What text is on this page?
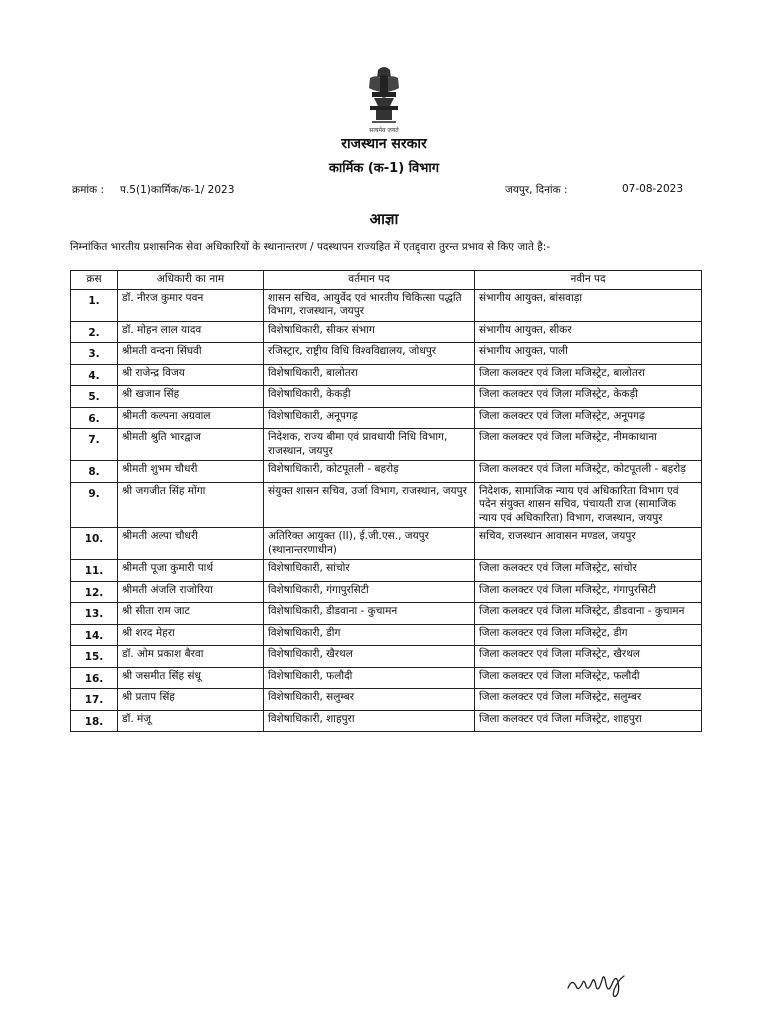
सत्यमेव जयते
राजस्थान सरकार
कार्मिक (क-1) विभाग
क्रमांक : प.5(1)कार्मिक/क-1/ 2023	जयपुर, दिनांक :	07-08-2023
आज्ञा
निम्नांकित भारतीय प्रशासनिक सेवा अधिकारियों के स्थानान्तरण / पदस्थापन राज्यहित में एतद्द्वारा तुरन्त प्रभाव से किए जाते है:-
क्रस	अधिकारी का नाम	वर्तमान पद	नवीन पद
1.	डॉ. नीरज कुमार पवन	शासन सचिव, आयुर्वेद एवं भारतीय चिकित्सा पद्धति विभाग, राजस्थान, जयपुर	संभागीय आयुक्त, बांसवाड़ा
2.	डॉ. मोहन लाल यादव	विशेषाधिकारी, सीकर संभाग	संभागीय आयुक्त, सीकर
3.	श्रीमती वन्दना सिंघवी	रजिस्ट्रार, राष्ट्रीय विधि विश्वविद्यालय, जोधपुर	संभागीय आयुक्त, पाली
4.	श्री राजेन्द्र विजय	विशेषाधिकारी, बालोतरा	जिला कलक्टर एवं जिला मजिस्ट्रेट, बालोतरा
5.	श्री खजान सिंह	विशेषाधिकारी, केकड़ी	जिला कलक्टर एवं जिला मजिस्ट्रेट, केकड़ी
6.	श्रीमती कल्पना अग्रवाल	विशेषाधिकारी, अनूपगढ़	जिला कलक्टर एवं जिला मजिस्ट्रेट, अनूपगढ़
7.	श्रीमती श्रुति भारद्वाज	निदेशक, राज्य बीमा एवं प्रावधायी निधि विभाग, राजस्थान, जयपुर	जिला कलक्टर एवं जिला मजिस्ट्रेट, नीमकाथाना
8.	श्रीमती शुभम चौधरी	विशेषाधिकारी, कोटपूतली - बहरोड़	जिला कलक्टर एवं जिला मजिस्ट्रेट, कोटपूतली - बहरोड़
9.	श्री जगजीत सिंह मोंगा	संयुक्त शासन सचिव, उर्जा विभाग, राजस्थान, जयपुर	निदेशक, सामाजिक न्याय एवं अधिकारिता विभाग एवं पदेन संयुक्त शासन सचिव, पंचायती राज (सामाजिक न्याय एवं अधिकारिता) विभाग, राजस्थान, जयपुर
10.	श्रीमती अल्पा चौधरी	अतिरिक्त आयुक्त (II), ई.जी.एस., जयपुर (स्थानान्तरणाधीन)	सचिव, राजस्थान आवासन मण्डल, जयपुर
11.	श्रीमती पूजा कुमारी पार्थ	विशेषाधिकारी, सांचोर	जिला कलक्टर एवं जिला मजिस्ट्रेट, सांचोर
12.	श्रीमती अंजलि राजोरिया	विशेषाधिकारी, गंगापुरसिटी	जिला कलक्टर एवं जिला मजिस्ट्रेट, गंगापुरसिटी
13.	श्री सीता राम जाट	विशेषाधिकारी, डीडवाना - कुचामन	जिला कलक्टर एवं जिला मजिस्ट्रेट, डीडवाना - कुचामन
14.	श्री शरद मेहरा	विशेषाधिकारी, डीग	जिला कलक्टर एवं जिला मजिस्ट्रेट, डीग
15.	डॉ. ओम प्रकाश बैरवा	विशेषाधिकारी, खैरथल	जिला कलक्टर एवं जिला मजिस्ट्रेट, खैरथल
16.	श्री जसमीत सिंह संधू	विशेषाधिकारी, फलौदी	जिला कलक्टर एवं जिला मजिस्ट्रेट, फलौदी
17.	श्री प्रताप सिंह	विशेषाधिकारी, सलुम्बर	जिला कलक्टर एवं जिला मजिस्ट्रेट, सलुम्बर
18.	डॉ. मंजू	विशेषाधिकारी, शाहपुरा	जिला कलक्टर एवं जिला मजिस्ट्रेट, शाहपुरा
